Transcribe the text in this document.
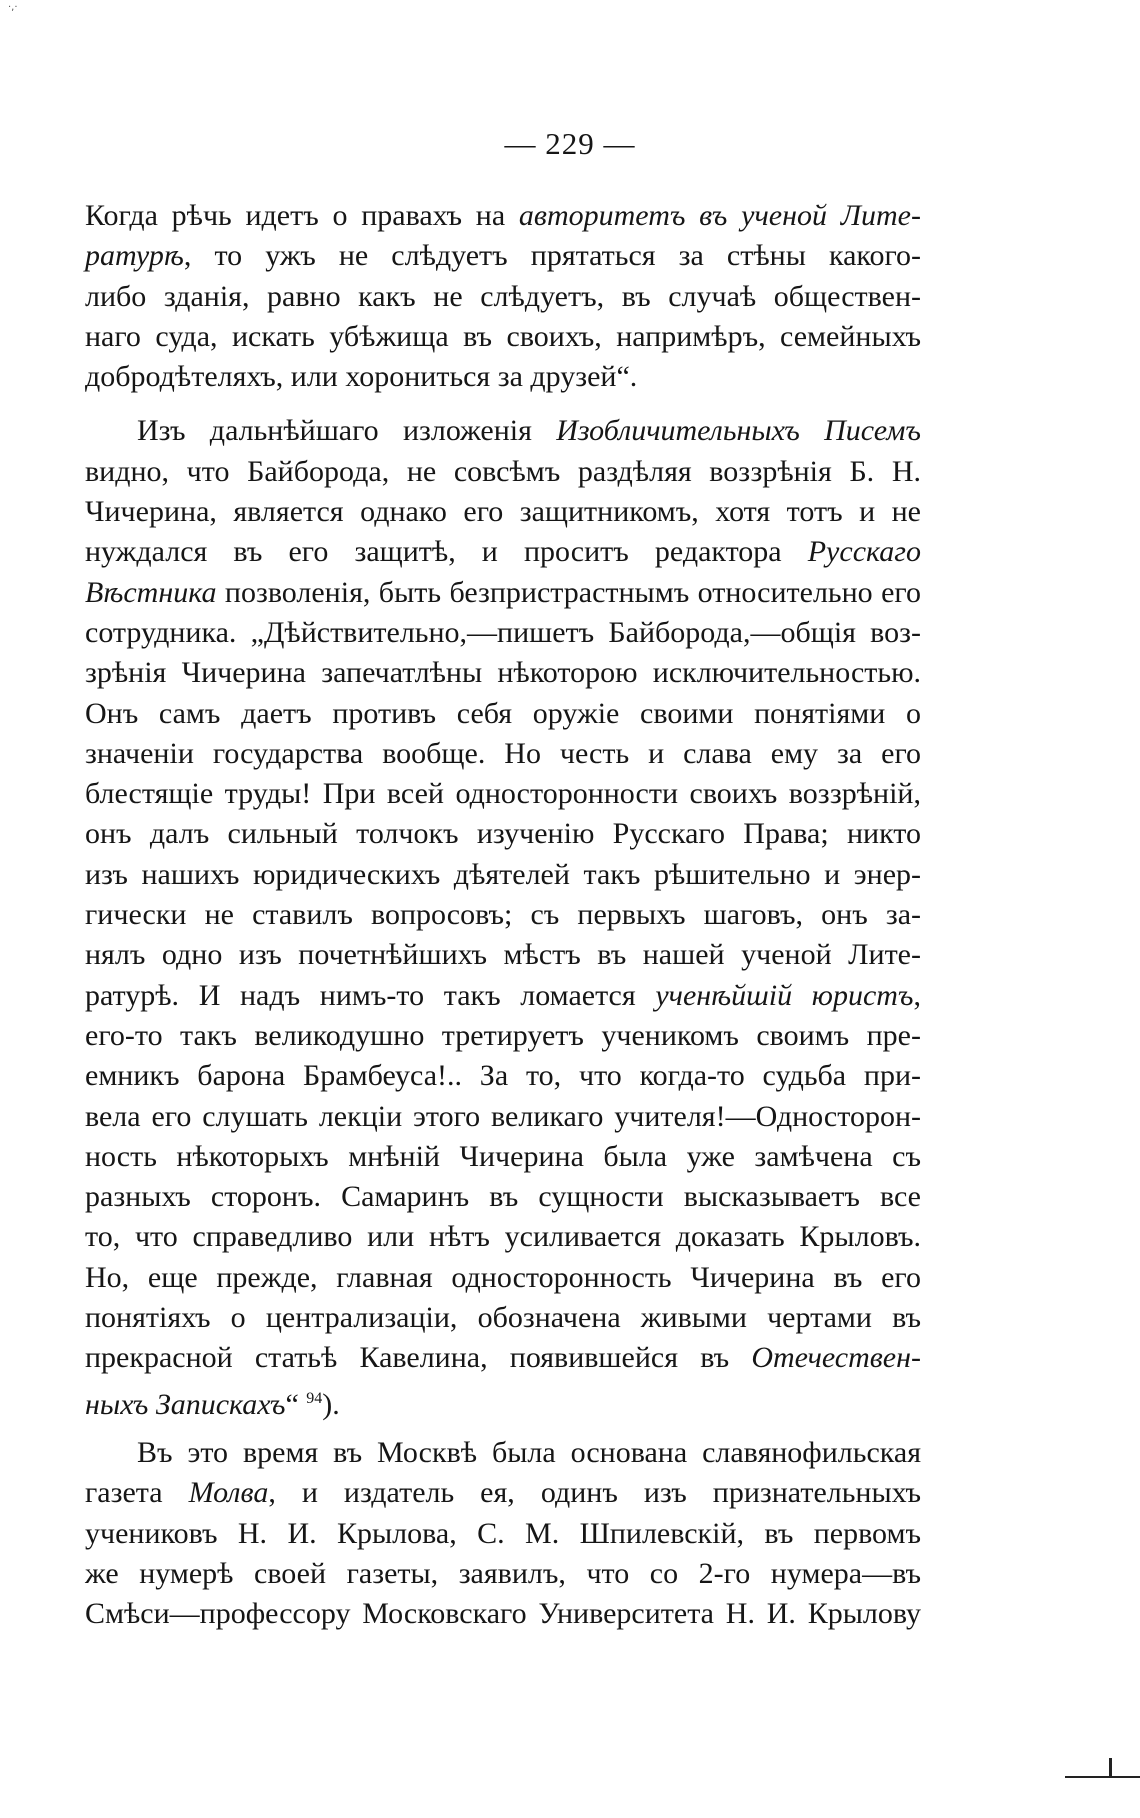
·,·
— 229 —
Когда рѣчь идетъ о правахъ на авторитетъ въ ученой Лите-
ратурѣ, то ужъ не слѣдуетъ прятаться за стѣны какого-
либо зданія, равно какъ не слѣдуетъ, въ случаѣ обществен-
наго суда, искать убѣжища въ своихъ, напримѣръ, семейныхъ
добродѣтеляхъ, или хорониться за друзей“.
Изъ дальнѣйшаго изложенія Изобличительныхъ Писемъ
видно, что Байборода, не совсѣмъ раздѣляя воззрѣнія Б. Н.
Чичерина, является однако его защитникомъ, хотя тотъ и не
нуждался въ его защитѣ, и проситъ редактора Русскаго
Вѣстника позволенія, быть безпристрастнымъ относительно его
сотрудника. „Дѣйствительно,—пишетъ Байборода,—общія воз-
зрѣнія Чичерина запечатлѣны нѣкоторою исключительностью.
Онъ самъ даетъ противъ себя оружіе своими понятіями о
значеніи государства вообще. Но честь и слава ему за его
блестящіе труды! При всей односторонности своихъ воззрѣній,
онъ далъ сильный толчокъ изученію Русскаго Права; никто
изъ нашихъ юридическихъ дѣятелей такъ рѣшительно и энер-
гически не ставилъ вопросовъ; съ первыхъ шаговъ, онъ за-
нялъ одно изъ почетнѣйшихъ мѣстъ въ нашей ученой Лите-
ратурѣ. И надъ нимъ-то такъ ломается ученѣйшій юристъ,
его-то такъ великодушно третируетъ ученикомъ своимъ пре-
емникъ барона Брамбеуса!.. За то, что когда-то судьба при-
вела его слушать лекціи этого великаго учителя!—Односторон-
ность нѣкоторыхъ мнѣній Чичерина была уже замѣчена съ
разныхъ сторонъ. Самаринъ въ сущности высказываетъ все
то, что справедливо или нѣтъ усиливается доказать Крыловъ.
Но, еще прежде, главная односторонность Чичерина въ его
понятіяхъ о централизаціи, обозначена живыми чертами въ
прекрасной статьѣ Кавелина, появившейся въ Отечествен-
ныхъ Запискахъ“ $^{94}$).
Въ это время въ Москвѣ была основана славянофильская
газета Молва, и издатель ея, одинъ изъ признательныхъ
учениковъ Н. И. Крылова, С. М. Шпилевскій, въ первомъ
же нумерѣ своей газеты, заявилъ, что со 2-го нумера—въ
Смѣси—профессору Московскаго Университета Н. И. Крылову
